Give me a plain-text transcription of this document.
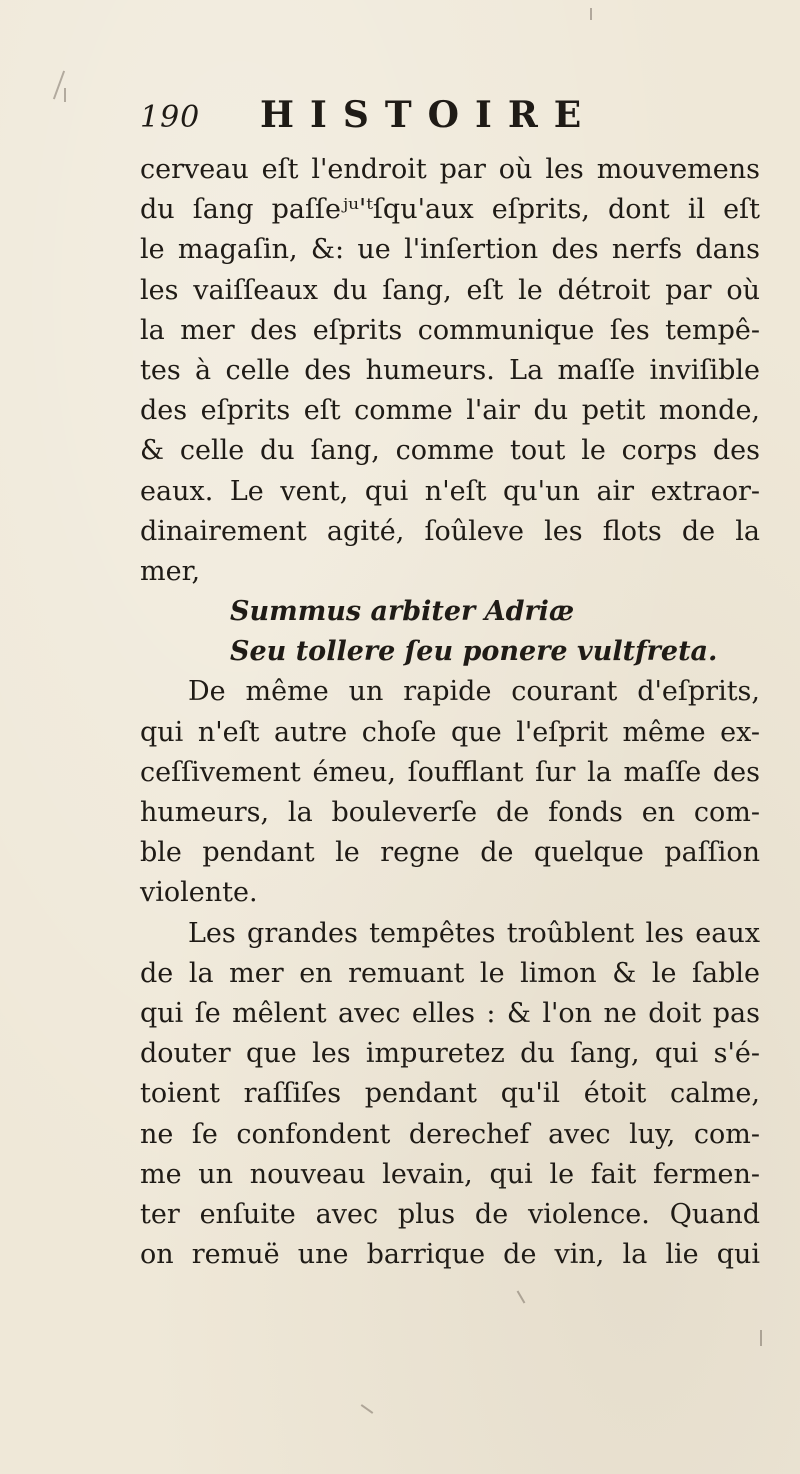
190 HISTOIRE
cerveau eſt l'endroit par où les mouvemens
du ſang paſſe͏ʲᵘ'ᵗſqu'aux eſprits, dont il eſt
le magaſin, &: ue l'inſertion des nerfs dans
les vaiſſeaux du ſang, eſt le détroit par où
la mer des eſprits communique ſes tempê-
tes à celle des humeurs. La maſſe inviſible
des eſprits eſt comme l'air du petit monde,
& celle du ſang, comme tout le corps des
eaux. Le vent, qui n'eſt qu'un air extraor-
dinairement agité, ſoûleve les flots de la
mer,
Summus arbiter Adriæ
Seu tollere ſeu ponere vultfreta.
De même un rapide courant d'eſprits,
qui n'eſt autre choſe que l'eſprit même ex-
ceſſivement émeu, ſoufflant ſur la maſſe des
humeurs, la bouleverſe de fonds en com-
ble pendant le regne de quelque paſſion
violente.
Les grandes tempêtes troûblent les eaux
de la mer en remuant le limon & le ſable
qui ſe mêlent avec elles : & l'on ne doit pas
douter que les impuretez du ſang, qui s'é-
toient raſſiſes pendant qu'il étoit calme,
ne ſe confondent derechef avec luy, com-
me un nouveau levain, qui le fait fermen-
ter enſuite avec plus de violence. Quand
on remuë une barrique de vin, la lie qui
